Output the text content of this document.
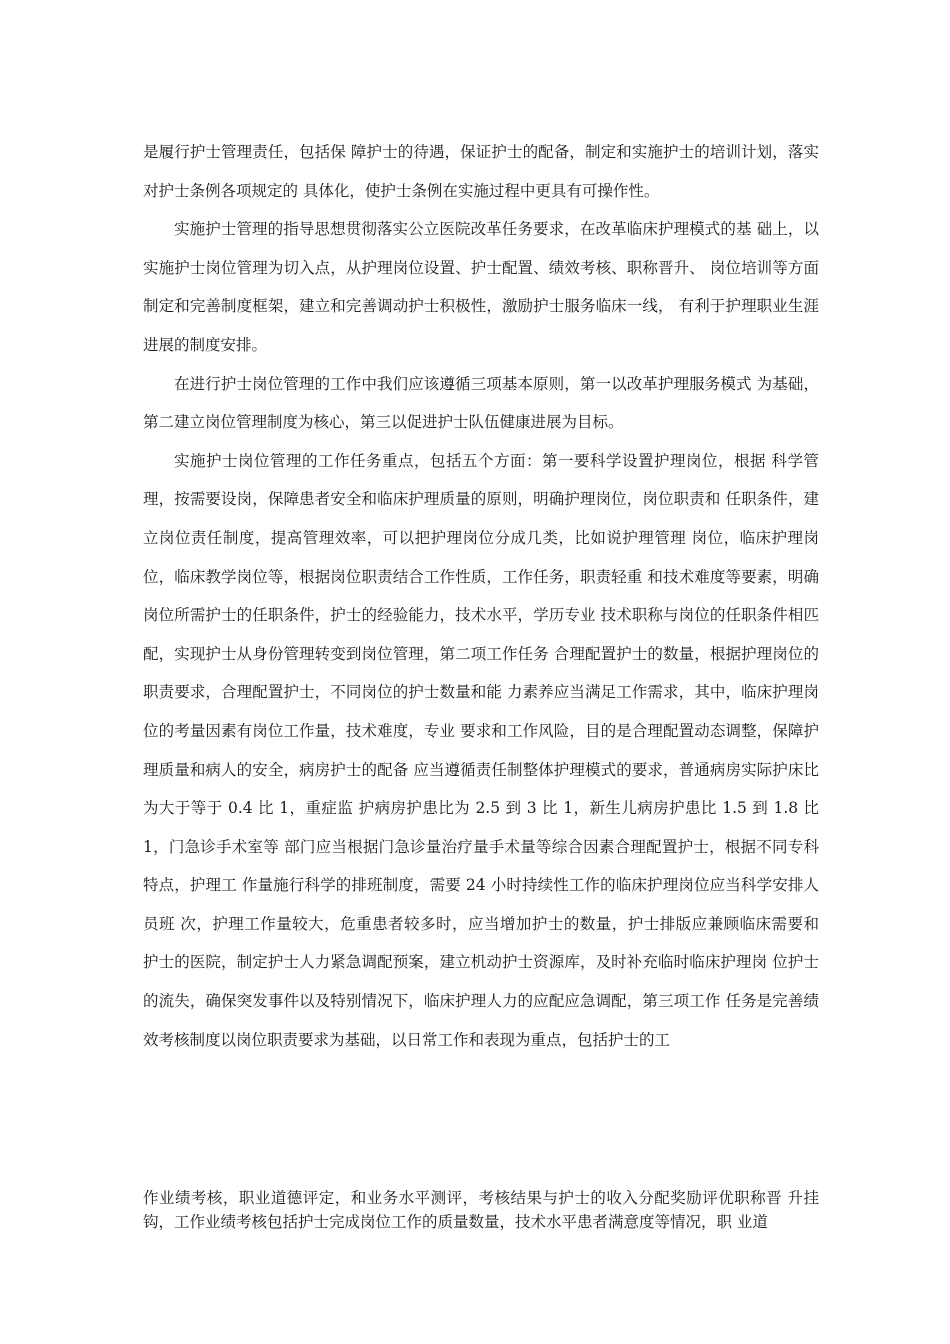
是履行护士管理责任，包括保 障护士的待遇，保证护士的配备，制定和实施护士的培训计划，落实对护士条例各项规定的 具体化，使护士条例在实施过程中更具有可操作性。

实施护士管理的指导思想贯彻落实公立医院改革任务要求，在改革临床护理模式的基 础上，以实施护士岗位管理为切入点，从护理岗位设置、护士配置、绩效考核、职称晋升、 岗位培训等方面制定和完善制度框架，建立和完善调动护士积极性，激励护士服务临床一线， 有利于护理职业生涯进展的制度安排。

在进行护士岗位管理的工作中我们应该遵循三项基本原则，第一以改革护理服务模式 为基础，第二建立岗位管理制度为核心，第三以促进护士队伍健康进展为目标。

实施护士岗位管理的工作任务重点，包括五个方面：第一要科学设置护理岗位，根据 科学管理，按需要设岗，保障患者安全和临床护理质量的原则，明确护理岗位，岗位职责和 任职条件，建立岗位责任制度，提高管理效率，可以把护理岗位分成几类，比如说护理管理 岗位，临床护理岗位，临床教学岗位等，根据岗位职责结合工作性质，工作任务，职责轻重 和技术难度等要素，明确岗位所需护士的任职条件，护士的经验能力，技术水平，学历专业 技术职称与岗位的任职条件相匹配，实现护士从身份管理转变到岗位管理，第二项工作任务 合理配置护士的数量，根据护理岗位的职责要求，合理配置护士，不同岗位的护士数量和能 力素养应当满足工作需求，其中，临床护理岗位的考量因素有岗位工作量，技术难度，专业 要求和工作风险，目的是合理配置动态调整，保障护理质量和病人的安全，病房护士的配备 应当遵循责任制整体护理模式的要求，普通病房实际护床比为大于等于 0.4 比 1，重症监 护病房护患比为 2.5 到 3 比 1，新生儿病房护患比 1.5 到 1.8 比 1，门急诊手术室等 部门应当根据门急诊量治疗量手术量等综合因素合理配置护士，根据不同专科特点，护理工 作量施行科学的排班制度，需要 24 小时持续性工作的临床护理岗位应当科学安排人员班 次，护理工作量较大，危重患者较多时，应当增加护士的数量，护士排版应兼顾临床需要和 护士的医院，制定护士人力紧急调配预案，建立机动护士资源库，及时补充临时临床护理岗 位护士的流失，确保突发事件以及特别情况下，临床护理人力的应配应急调配，第三项工作 任务是完善绩效考核制度以岗位职责要求为基础，以日常工作和表现为重点，包括护士的工

作业绩考核，职业道德评定，和业务水平测评，考核结果与护士的收入分配奖励评优职称晋 升挂钩，工作业绩考核包括护士完成岗位工作的质量数量，技术水平患者满意度等情况，职 业道
